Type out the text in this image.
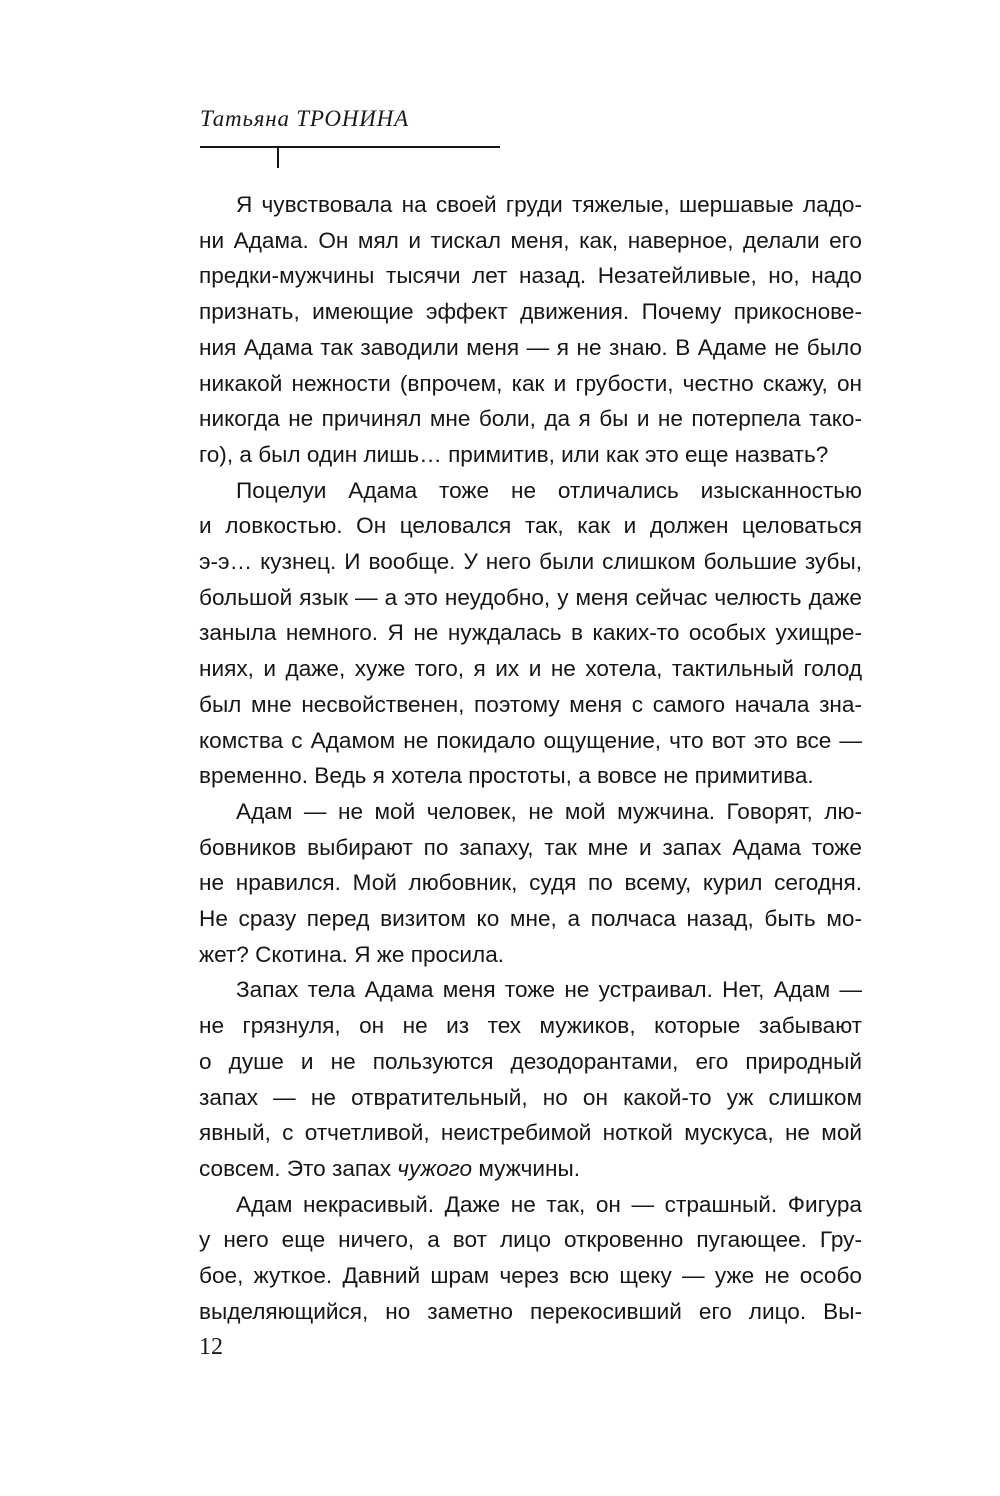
Татьяна ТРОНИНА
Я чувствовала на своей груди тяжелые, шершавые ладо-
ни Адама. Он мял и тискал меня, как, наверное, делали его
предки-мужчины тысячи лет назад. Незатейливые, но, надо
признать, имеющие эффект движения. Почему прикоснове-
ния Адама так заводили меня — я не знаю. В Адаме не было
никакой нежности (впрочем, как и грубости, честно скажу, он
никогда не причинял мне боли, да я бы и не потерпела тако-
го), а был один лишь… примитив, или как это еще назвать?
Поцелуи Адама тоже не отличались изысканностью
и ловкостью. Он целовался так, как и должен целоваться
э-э… кузнец. И вообще. У него были слишком большие зубы,
большой язык — а это неудобно, у меня сейчас челюсть даже
заныла немного. Я не нуждалась в каких-то особых ухищре-
ниях, и даже, хуже того, я их и не хотела, тактильный голод
был мне несвойственен, поэтому меня с самого начала зна-
комства с Адамом не покидало ощущение, что вот это все —
временно. Ведь я хотела простоты, а вовсе не примитива.
Адам — не мой человек, не мой мужчина. Говорят, лю-
бовников выбирают по запаху, так мне и запах Адама тоже
не нравился. Мой любовник, судя по всему, курил сегодня.
Не сразу перед визитом ко мне, а полчаса назад, быть мо-
жет? Скотина. Я же просила.
Запах тела Адама меня тоже не устраивал. Нет, Адам —
не грязнуля, он не из тех мужиков, которые забывают
о душе и не пользуются дезодорантами, его природный
запах — не отвратительный, но он какой-то уж слишком
явный, с отчетливой, неистребимой ноткой мускуса, не мой
совсем. Это запах чужого мужчины.
Адам некрасивый. Даже не так, он — страшный. Фигура
у него еще ничего, а вот лицо откровенно пугающее. Гру-
бое, жуткое. Давний шрам через всю щеку — уже не особо
выделяющийся, но заметно перекосивший его лицо. Вы-
12
